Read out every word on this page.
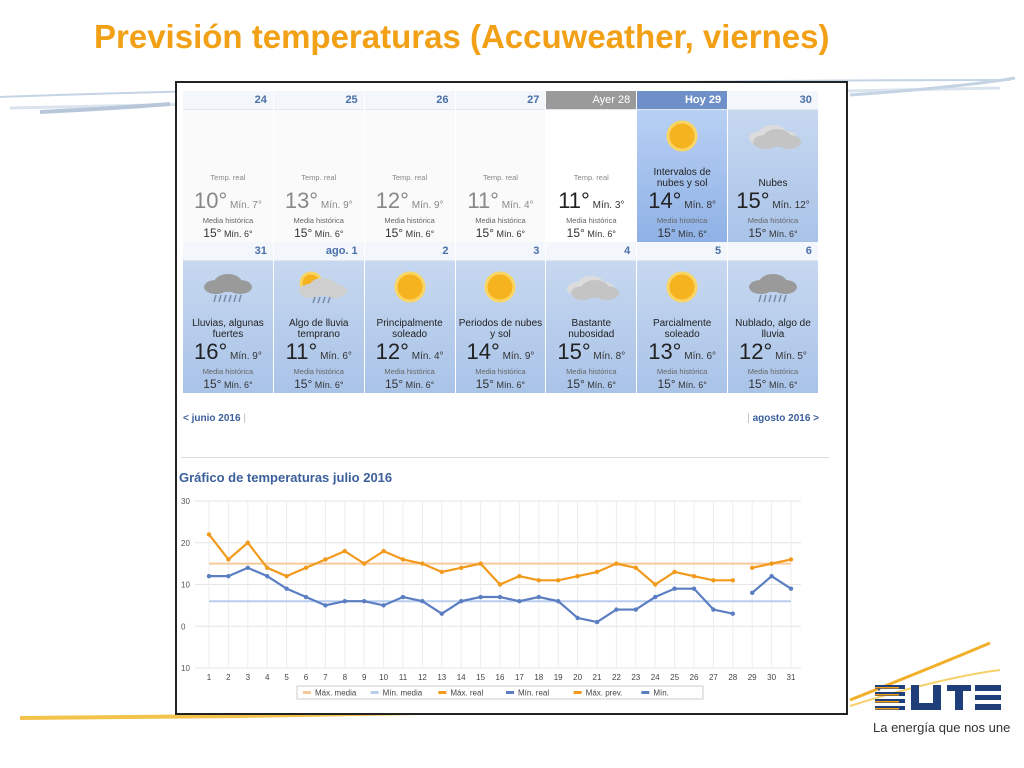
Previsión temperaturas (Accuweather, viernes)
24
Temp. real
10° Mín. 7°
Media histórica
15° Mín. 6°
25
Temp. real
13° Mín. 9°
Media histórica
15° Mín. 6°
26
Temp. real
12° Mín. 9°
Media histórica
15° Mín. 6°
27
Temp. real
11° Mín. 4°
Media histórica
15° Mín. 6°
Ayer 28
Temp. real
11° Mín. 3°
Media histórica
15° Mín. 6°
Hoy 29
Intervalos de nubes y sol
14° Mín. 8°
Media histórica
15° Mín. 6°
30
Nubes
15° Mín. 12°
Media histórica
15° Mín. 6°
31
Lluvias, algunas fuertes
16° Mín. 9°
Media histórica
15° Mín. 6°
ago. 1
Algo de lluvia temprano
11° Mín. 6°
Media histórica
15° Mín. 6°
2
Principalmente soleado
12° Mín. 4°
Media histórica
15° Mín. 6°
3
Periodos de nubes y sol
14° Mín. 9°
Media histórica
15° Mín. 6°
4
Bastante nubosidad
15° Mín. 8°
Media histórica
15° Mín. 6°
5
Parcialmente soleado
13° Mín. 6°
Media histórica
15° Mín. 6°
6
Nublado, algo de lluvia
12° Mín. 5°
Media histórica
15° Mín. 6°
< junio 2016 |	| agosto 2016 >
Gráfico de temperaturas julio 2016
30
20
10
0
10
1 2 3 4 5 6 7 8 9 10 11 12 13 14 15 16 17 18 19 20 21 22 23 24 25 26 27 28 29 30 31
Máx. media	Mín. media	Máx. real	Mín. real	Máx. prev.	Mín.
La energía que nos une
